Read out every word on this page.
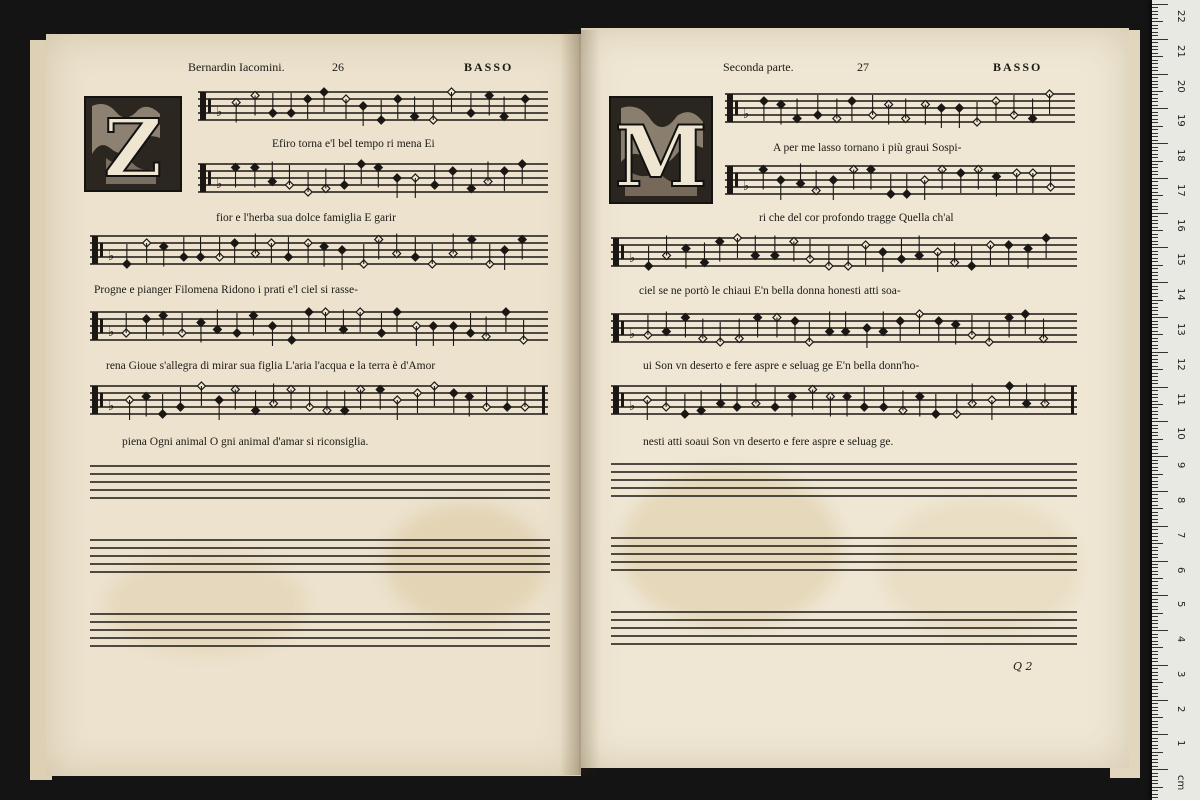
Bernardin Iacomini.	26	BASSO
Z	♭
Efiro torna e'l bel tempo ri mena Ei
♭
fior e l'herba sua dolce famiglia E garir
♭
Progne e pianger Filomena Ridono i prati e'l ciel si rasse-
♭
rena Gioue s'allegra di mirar sua figlia L'aria l'acqua e la terra è d'Amor
♭
piena Ogni animal O gni animal d'amar si riconsiglia.
Seconda parte.	27	BASSO
M	♭
A per me lasso tornano i più graui Sospi-
♭
ri che del cor profondo tragge Quella ch'al
♭
ciel se ne portò le chiaui E'n bella donna honesti atti soa-
♭
ui Son vn deserto e fere aspre e seluag ge E'n bella donn'ho-
♭
nesti atti soaui Son vn deserto e fere aspre e seluag ge.
Q 2
22
21
20
19
18
17
16
15
14
13
12
11
10
9
8
7
6
5
4
3
2
1
cm
